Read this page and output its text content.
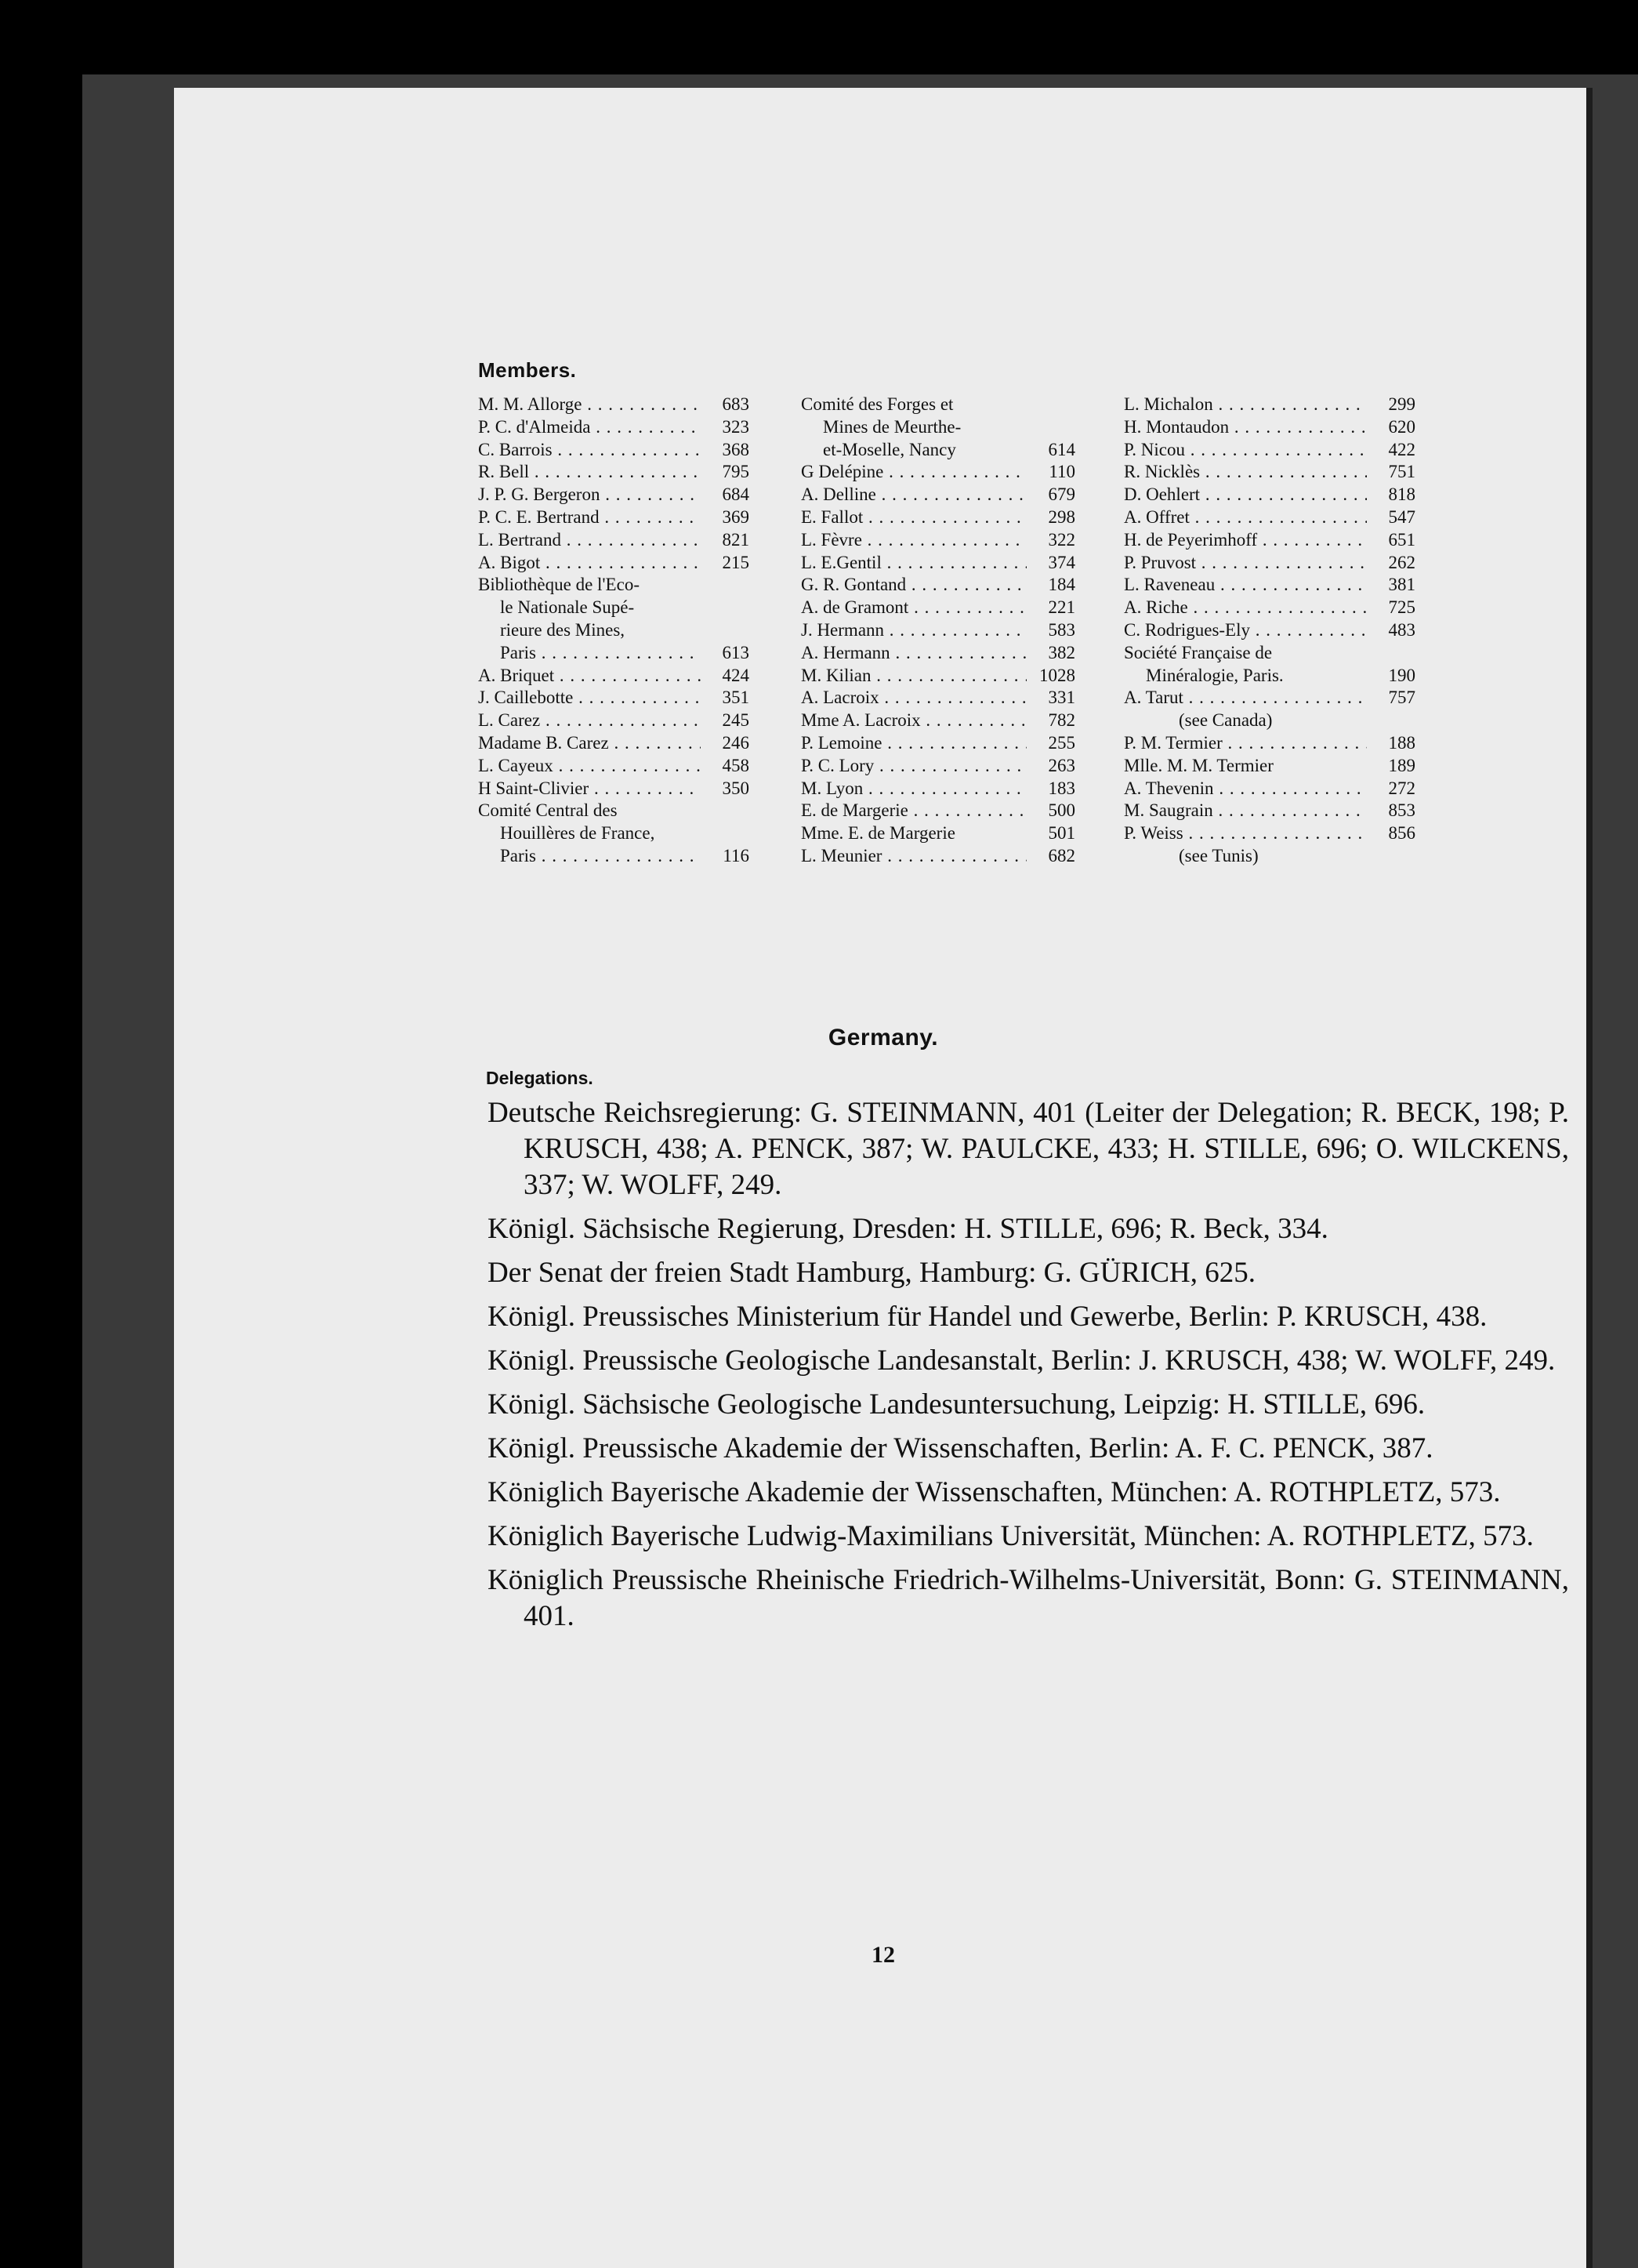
Members.
M. M. Allorge . . .	683
P. C. d'Almeida . . .	323
C. Barrois . . .	368
R. Bell . . .	795
J. P. G. Bergeron . . .	684
P. C. E. Bertrand . . .	369
L. Bertrand . . .	821
A. Bigot . . .	215
Bibliothèque de l'Eco-
le Nationale Supé-
rieure des Mines,
Paris . . .	613
A. Briquet . . .	424
J. Caillebotte . . .	351
L. Carez . . .	245
Madame B. Carez . . .	246
L. Cayeux . . .	458
H Saint-Clivier . . .	350
Comité Central des
Houillères de France,
Paris . . .	116
Comité des Forges et
Mines de Meurthe-
et-Moselle, Nancy	614
G Delépine . . .	110
A. Delline . . .	679
E. Fallot . . .	298
L. Fèvre . . .	322
L. E.Gentil . . .	374
G. R. Gontand . . .	184
A. de Gramont . . .	221
J. Hermann . . .	583
A. Hermann . . .	382
M. Kilian . . .	1028
A. Lacroix . . .	331
Mme A. Lacroix . . .	782
P. Lemoine . . .	255
P. C. Lory . . .	263
M. Lyon . . .	183
E. de Margerie . . .	500
Mme. E. de Margerie	501
L. Meunier . . .	682
L. Michalon . . .	299
H. Montaudon . . .	620
P. Nicou . . .	422
R. Nicklès . . .	751
D. Oehlert . . .	818
A. Offret . . .	547
H. de Peyerimhoff . . .	651
P. Pruvost . . .	262
L. Raveneau . . .	381
A. Riche . . .	725
C. Rodrigues-Ely . . .	483
Société Française de
Minéralogie, Paris.	190
A. Tarut . . .	757
(see Canada)
P. M. Termier . . .	188
Mlle. M. M. Termier	189
A. Thevenin . . .	272
M. Saugrain . . .	853
P. Weiss . . .	856
(see Tunis)
Germany.
Delegations.

Deutsche Reichsregierung: G. STEINMANN, 401 (Leiter der Delegation; R. BECK, 198; P. KRUSCH, 438; A. PENCK, 387; W. PAULCKE, 433; H. STILLE, 696; O. WILCKENS, 337; W. WOLFF, 249.

Königl. Sächsische Regierung, Dresden: H. STILLE, 696; R. Beck, 334.

Der Senat der freien Stadt Hamburg, Hamburg: G. GÜRICH, 625.

Königl. Preussisches Ministerium für Handel und Gewerbe, Berlin: P. KRUSCH, 438.

Königl. Preussische Geologische Landesanstalt, Berlin: J. KRUSCH, 438; W. WOLFF, 249.

Königl. Sächsische Geologische Landesuntersuchung, Leipzig: H. STILLE, 696.

Königl. Preussische Akademie der Wissenschaften, Berlin: A. F. C. PENCK, 387.

Königlich Bayerische Akademie der Wissenschaften, München: A. ROTHPLETZ, 573.

Königlich Bayerische Ludwig-Maximilians Universität, München: A. ROTHPLETZ, 573.

Königlich Preussische Rheinische Friedrich-Wilhelms-Universität, Bonn: G. STEINMANN, 401.

12
